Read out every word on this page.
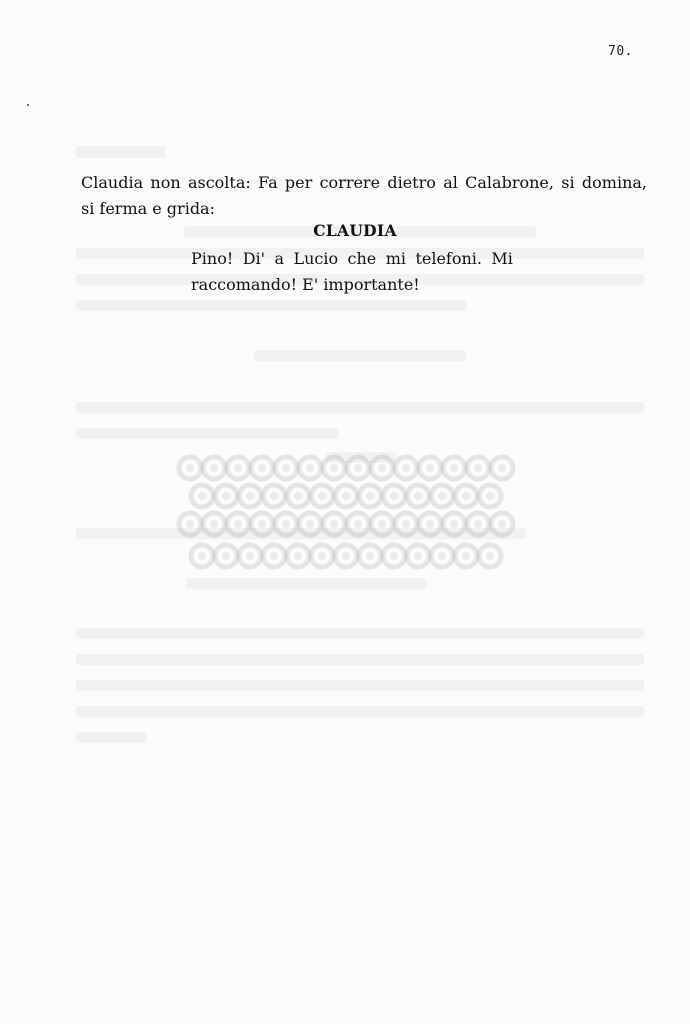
70.

Claudia non ascolta: Fa per correre dietro al Calabrone, si domina,

si ferma e grida:

CLAUDIA
Pino! Di' a Lucio che mi telefoni. Mi
raccomando! E' importante!
